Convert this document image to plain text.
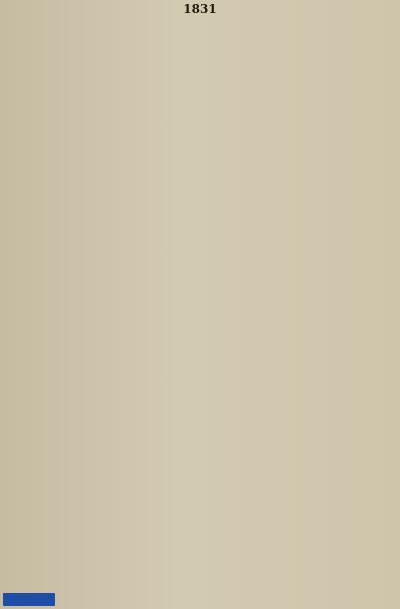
1831
